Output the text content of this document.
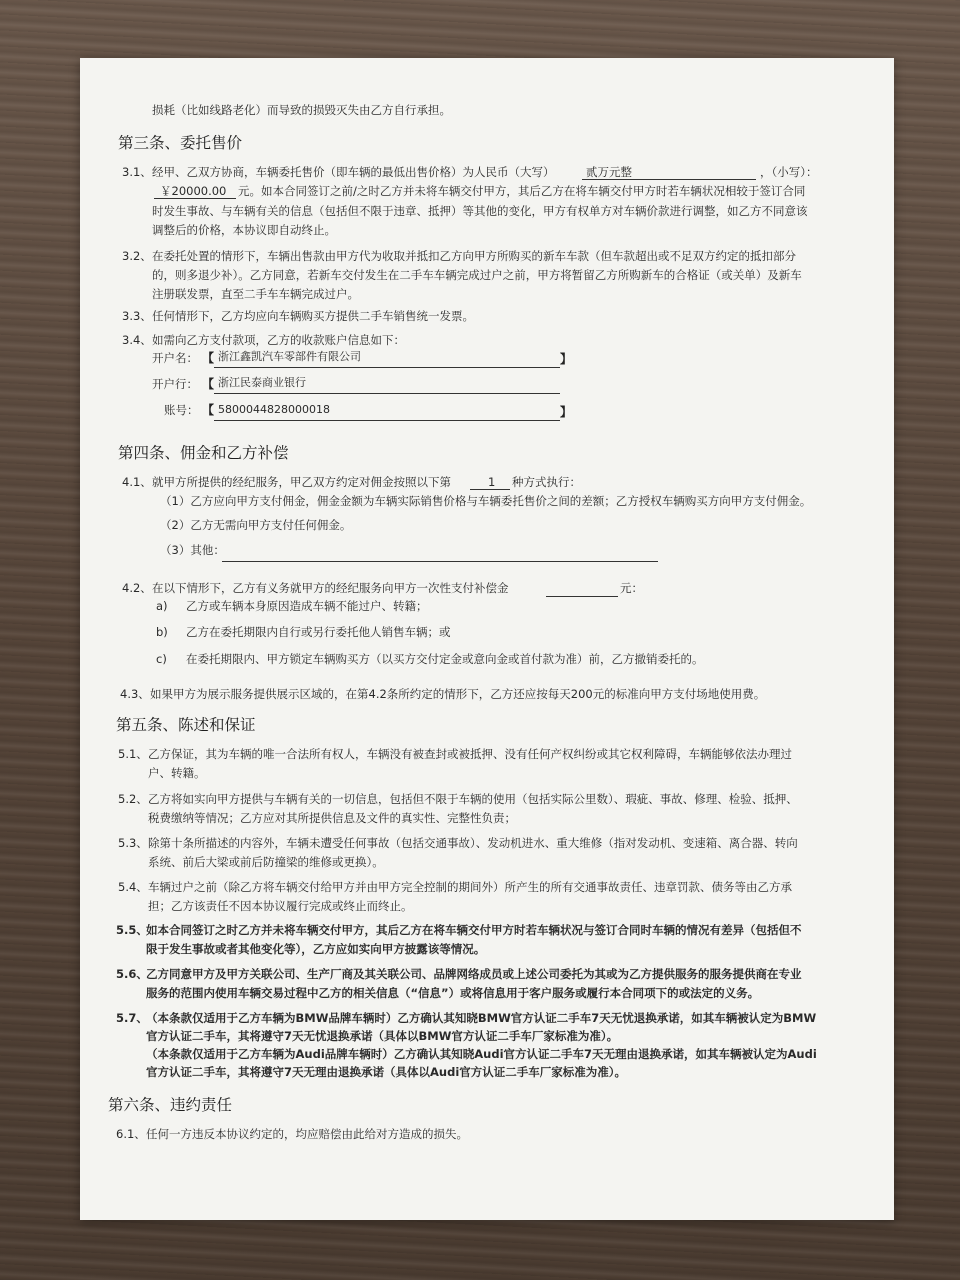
损耗（比如线路老化）而导致的损毁灭失由乙方自行承担。
第三条、委托售价
3.1、 经甲、乙双方协商，车辆委托售价（即车辆的最低出售价格）为人民币（大写）	贰万元整	，（小写）：
￥20000.00 元。如本合同签订之前/之时乙方并未将车辆交付甲方，其后乙方在将车辆交付甲方时若车辆状况相较于签订合同
时发生事故、与车辆有关的信息（包括但不限于违章、抵押）等其他的变化，甲方有权单方对车辆价款进行调整，如乙方不同意该
调整后的价格，本协议即自动终止。
3.2、 在委托处置的情形下，车辆出售款由甲方代为收取并抵扣乙方向甲方所购买的新车车款（但车款超出或不足双方约定的抵扣部分
的，则多退少补）。乙方同意，若新车交付发生在二手车车辆完成过户之前，甲方将暂留乙方所购新车的合格证（或关单）及新车
注册联发票，直至二手车车辆完成过户。
3.3、 任何情形下，乙方均应向车辆购买方提供二手车销售统一发票。
3.4、 如需向乙方支付款项，乙方的收款账户信息如下：
开户名： 【 浙江鑫凯汽车零部件有限公司	】
开户行： 【 浙江民泰商业银行
账号： 【 5800044828000018	】
第四条、佣金和乙方补偿
4.1、 就甲方所提供的经纪服务，甲乙双方约定对佣金按照以下第	1 种方式执行：
（1）乙方应向甲方支付佣金，佣金金额为车辆实际销售价格与车辆委托售价之间的差额；乙方授权车辆购买方向甲方支付佣金。
（2）乙方无需向甲方支付任何佣金。
（3）其他：
4.2、 在以下情形下，乙方有义务就甲方的经纪服务向甲方一次性支付补偿金	元：
a) 乙方或车辆本身原因造成车辆不能过户、转籍；
b) 乙方在委托期限内自行或另行委托他人销售车辆；或
c) 在委托期限内、甲方锁定车辆购买方（以买方交付定金或意向金或首付款为准）前，乙方撤销委托的。
4.3、 如果甲方为展示服务提供展示区域的，在第4.2条所约定的情形下，乙方还应按每天200元的标准向甲方支付场地使用费。
第五条、陈述和保证
5.1、 乙方保证，其为车辆的唯一合法所有权人，车辆没有被查封或被抵押、没有任何产权纠纷或其它权利障碍，车辆能够依法办理过
户、转籍。
5.2、 乙方将如实向甲方提供与车辆有关的一切信息，包括但不限于车辆的使用（包括实际公里数）、瑕疵、事故、修理、检验、抵押、
税费缴纳等情况；乙方应对其所提供信息及文件的真实性、完整性负责；
5.3、 除第十条所描述的内容外，车辆未遭受任何事故（包括交通事故）、发动机进水、重大维修（指对发动机、变速箱、离合器、转向
系统、前后大梁或前后防撞梁的维修或更换）。
5.4、 车辆过户之前（除乙方将车辆交付给甲方并由甲方完全控制的期间外）所产生的所有交通事故责任、违章罚款、债务等由乙方承
担；乙方该责任不因本协议履行完成或终止而终止。
5.5、
如本合同签订之时乙方并未将车辆交付甲方，其后乙方在将车辆交付甲方时若车辆状况与签订合同时车辆的情况有差异（包括但不
限于发生事故或者其他变化等），乙方应如实向甲方披露该等情况。
5.6、
乙方同意甲方及甲方关联公司、生产厂商及其关联公司、品牌网络成员或上述公司委托为其或为乙方提供服务的服务提供商在专业
服务的范围内使用车辆交易过程中乙方的相关信息（“信息”）或将信息用于客户服务或履行本合同项下的或法定的义务。
5.7、
（本条款仅适用于乙方车辆为BMW品牌车辆时）乙方确认其知晓BMW官方认证二手车7天无忧退换承诺，如其车辆被认定为BMW
官方认证二手车，其将遵守7天无忧退换承诺（具体以BMW官方认证二手车厂家标准为准）。
（本条款仅适用于乙方车辆为Audi品牌车辆时）乙方确认其知晓Audi官方认证二手车7天无理由退换承诺，如其车辆被认定为Audi
官方认证二手车，其将遵守7天无理由退换承诺（具体以Audi官方认证二手车厂家标准为准）。
第六条、违约责任
6.1、 任何一方违反本协议约定的，均应赔偿由此给对方造成的损失。
